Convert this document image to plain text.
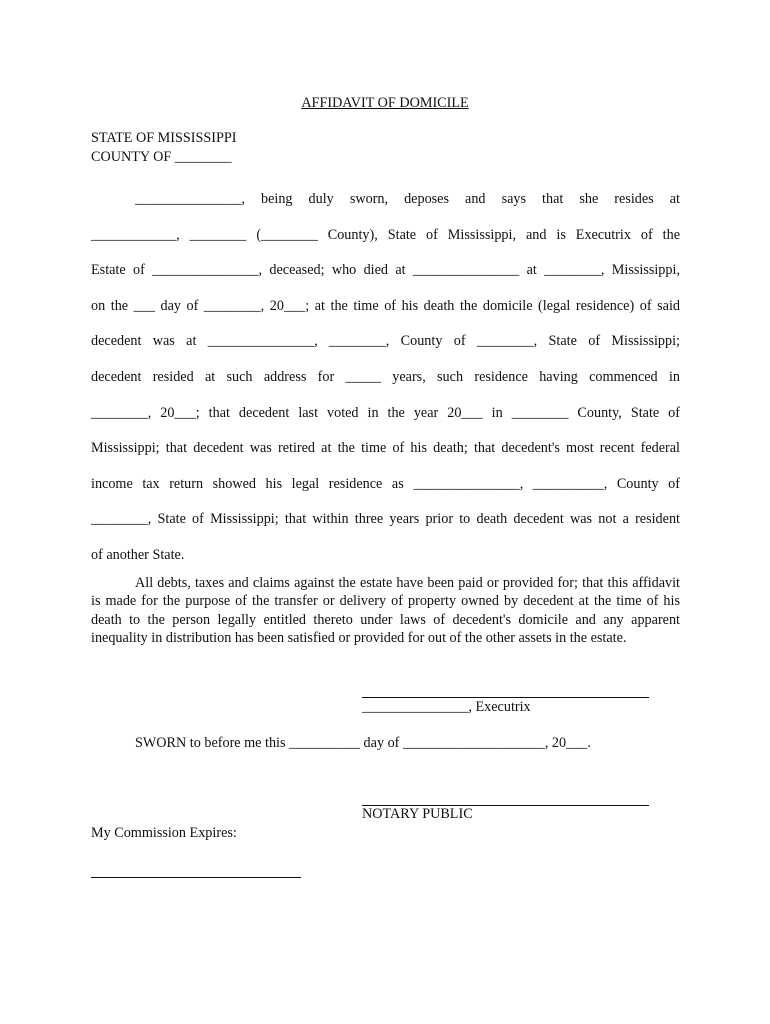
AFFIDAVIT OF DOMICILE
STATE OF MISSISSIPPI
COUNTY OF ________

_______________, being duly sworn, deposes and says that she resides at

____________, ________ (________ County), State of Mississippi, and is Executrix of the

Estate of _______________, deceased; who died at _______________ at ________, Mississippi,

on the ___ day of ________, 20___; at the time of his death the domicile (legal residence) of said

decedent was at _______________, ________, County of ________, State of Mississippi;

decedent resided at such address for _____ years, such residence having commenced in

________, 20___; that decedent last voted in the year 20___ in ________ County, State of

Mississippi; that decedent was retired at the time of his death; that decedent's most recent federal

income tax return showed his legal residence as _______________, __________, County of

________, State of Mississippi; that within three years prior to death decedent was not a resident

of another State.

All debts, taxes and claims against the estate have been paid or provided for; that this affidavit is made for the purpose of the transfer or delivery of property owned by decedent at the time of his death to the person legally entitled thereto under laws of decedent's domicile and any apparent inequality in distribution has been satisfied or provided for out of the other assets in the estate.
_______________, Executrix
SWORN to before me this __________ day of ____________________, 20___.
NOTARY PUBLIC
My Commission Expires:
